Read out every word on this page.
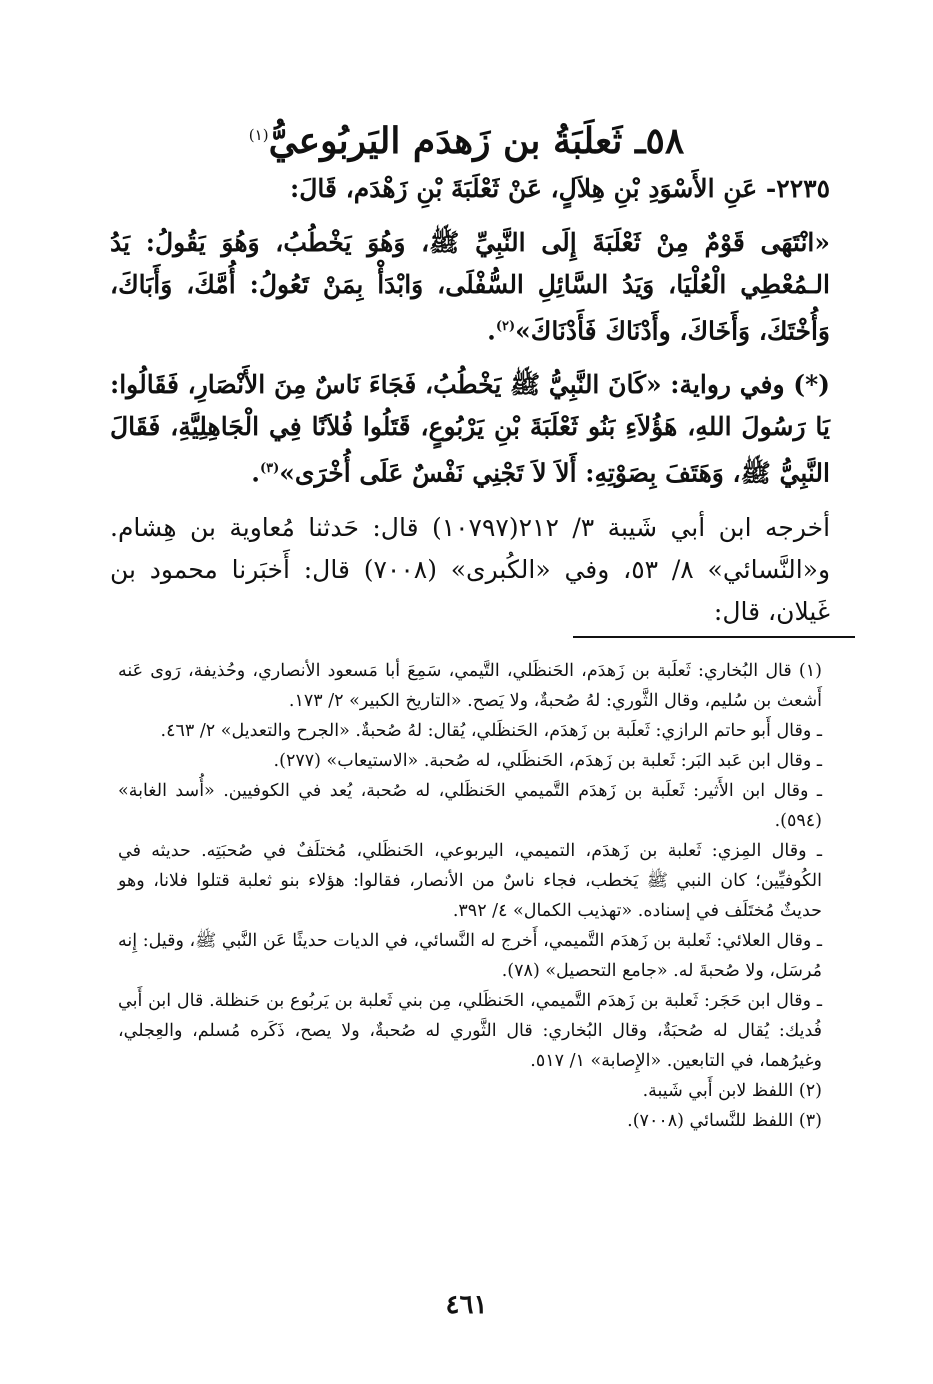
٥٨ـ ثَعلَبَةُ بن زَهدَم اليَربُوعيُّ$^{(١)}$

٢٢٣٥- عَنِ الأَسْوَدِ بْنِ هِلاَلٍ، عَنْ ثَعْلَبَةَ بْنِ زَهْدَم، قَالَ:

«انْتَهَى قَوْمٌ مِنْ ثَعْلَبَةَ إِلَى النَّبِيِّ ﷺ، وَهُوَ يَخْطُبُ، وَهُوَ يَقُولُ: يَدُ الـمُعْطِي الْعُلْيَا، وَيَدُ السَّائِلِ السُّفْلَى، وَابْدَأْ بِمَنْ تَعُولُ: أُمَّكَ، وَأَبَاكَ، وَأُخْتَكَ، وَأَخَاكَ، وأَدْنَاكَ فَأَدْنَاكَ»$^{(٢)}$.

(*) وفي رواية: «كَانَ النَّبِيُّ ﷺ يَخْطُبُ، فَجَاءَ نَاسٌ مِنَ الأَنْصَارِ، فَقَالُوا: يَا رَسُولَ اللهِ، هَؤُلاَءِ بَنُو ثَعْلَبَةَ بْنِ يَرْبُوعٍ، قَتَلُوا فُلاَنًا فِي الْجَاهِلِيَّةِ، فَقَالَ النَّبِيُّ ﷺ، وَهَتَفَ بِصَوْتِهِ: أَلاَ لاَ تَجْنِي نَفْسٌ عَلَى أُخْرَى»$^{(٣)}$.

أخرجه ابن أبي شَيبة ٣/ ٢١٢(١٠٧٩٧) قال: حَدثنا مُعاوية بن هِشام. و«النَّسائي» ٨/ ٥٣، وفي «الكُبرى» (٧٠٠٨) قال: أَخبَرنا محمود بن غَيلان، قال:

(١) قال البُخاري: ثَعلَبة بن زَهدَم، الحَنظَلي، التَّيمي، سَمِعَ أبا مَسعود الأنصاري، وحُذيفة، رَوى عَنه أَشعث بن سُليم، وقال الثَّوري: لهُ صُحبةٌ، ولا يَصح. «التاريخ الكبير» ٢/ ١٧٣.

ـ وقال أَبو حاتم الرازي: ثَعلَبة بن زَهدَم، الحَنظَلي، يُقال: لهُ صُحبةٌ. «الجرح والتعديل» ٢/ ٤٦٣.

ـ وقال ابن عَبد البَر: ثَعلبة بن زَهدَم، الحَنظَلي، له صُحبة. «الاستيعاب» (٢٧٧).

ـ وقال ابن الأَثير: ثَعلَبة بن زَهدَم التَّميمي الحَنظَلي، له صُحبة، يُعد في الكوفيين. «أُسد الغابة» (٥٩٤).

ـ وقال المِزي: ثَعلبة بن زَهدَم، التميمي، اليربوعي، الحَنظَلي، مُختلَفٌ في صُحبَتِه. حديثه في الكُوفيِّين؛ كان النبي ﷺ يَخطب، فجاء ناسٌ من الأنصار، فقالوا: هؤلاء بنو ثعلبة قتلوا فلانا، وهو حديثٌ مُختَلَف في إسناده. «تهذيب الكمال» ٤/ ٣٩٢.

ـ وقال العلائي: ثَعلبة بن زَهدَم التَّميمي، أَخرج له النَّسائي، في الديات حديثًا عَن النَّبي ﷺ، وقيل: إِنه مُرسَل، ولا صُحبةَ له. «جامع التحصيل» (٧٨).

ـ وقال ابن حَجَر: ثَعلبة بن زَهدَم التَّميمي، الحَنظَلي، مِن بني ثَعلبة بن يَربُوع بن حَنظلة. قال ابن أَبي فُديك: يُقال له صُحبَةٌ، وقال البُخاري: قال الثَّوري له صُحبةٌ، ولا يصح، ذَكَره مُسلم، والعِجلي، وغيرُهما، في التابعين. «الإِصابة» ١/ ٥١٧.

(٢) اللفظ لابن أَبي شَيبة.

(٣) اللفظ للنَّسائي (٧٠٠٨).

٤٦١
